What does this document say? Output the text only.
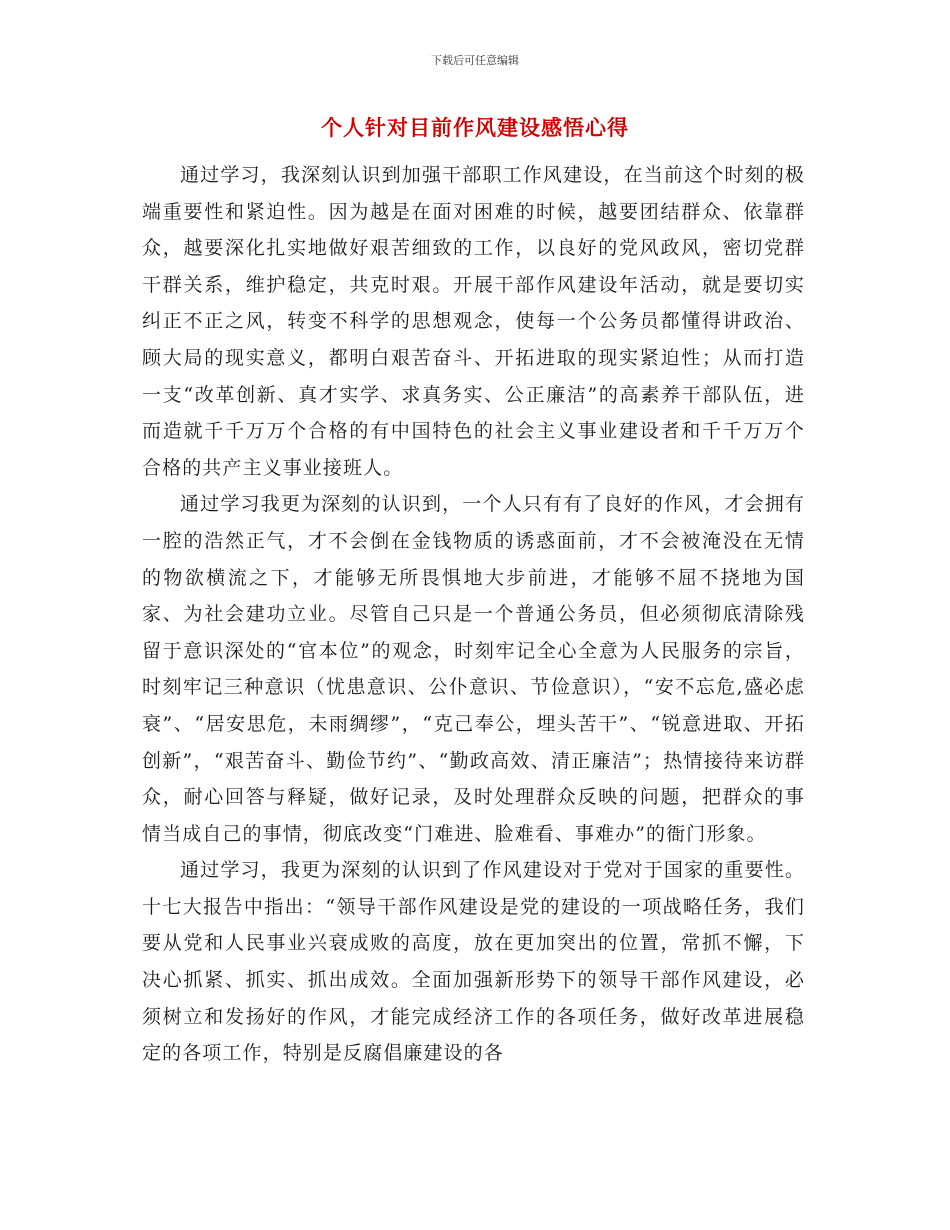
下载后可任意编辑
个人针对目前作风建设感悟心得

通过学习，我深刻认识到加强干部职工作风建设，在当前这个时刻的极端重要性和紧迫性。因为越是在面对困难的时候，越要团结群众、依靠群众，越要深化扎实地做好艰苦细致的工作，以良好的党风政风，密切党群干群关系，维护稳定，共克时艰。开展干部作风建设年活动，就是要切实纠正不正之风，转变不科学的思想观念，使每一个公务员都懂得讲政治、顾大局的现实意义，都明白艰苦奋斗、开拓进取的现实紧迫性；从而打造一支“改革创新、真才实学、求真务实、公正廉洁”的高素养干部队伍，进而造就千千万万个合格的有中国特色的社会主义事业建设者和千千万万个合格的共产主义事业接班人。

通过学习我更为深刻的认识到，一个人只有有了良好的作风，才会拥有一腔的浩然正气，才不会倒在金钱物质的诱惑面前，才不会被淹没在无情的物欲横流之下，才能够无所畏惧地大步前进，才能够不屈不挠地为国家、为社会建功立业。尽管自己只是一个普通公务员，但必须彻底清除残留于意识深处的“官本位”的观念，时刻牢记全心全意为人民服务的宗旨，时刻牢记三种意识（忧患意识、公仆意识、节俭意识），“安不忘危,盛必虑衰”、“居安思危，未雨绸缪”，“克己奉公，埋头苦干”、“锐意进取、开拓创新”，“艰苦奋斗、勤俭节约”、“勤政高效、清正廉洁”；热情接待来访群众，耐心回答与释疑，做好记录，及时处理群众反映的问题，把群众的事情当成自己的事情，彻底改变“门难进、脸难看、事难办”的衙门形象。

通过学习，我更为深刻的认识到了作风建设对于党对于国家的重要性。十七大报告中指出：“领导干部作风建设是党的建设的一项战略任务，我们要从党和人民事业兴衰成败的高度，放在更加突出的位置，常抓不懈，下决心抓紧、抓实、抓出成效。全面加强新形势下的领导干部作风建设，必须树立和发扬好的作风，才能完成经济工作的各项任务，做好改革进展稳定的各项工作，特别是反腐倡廉建设的各
